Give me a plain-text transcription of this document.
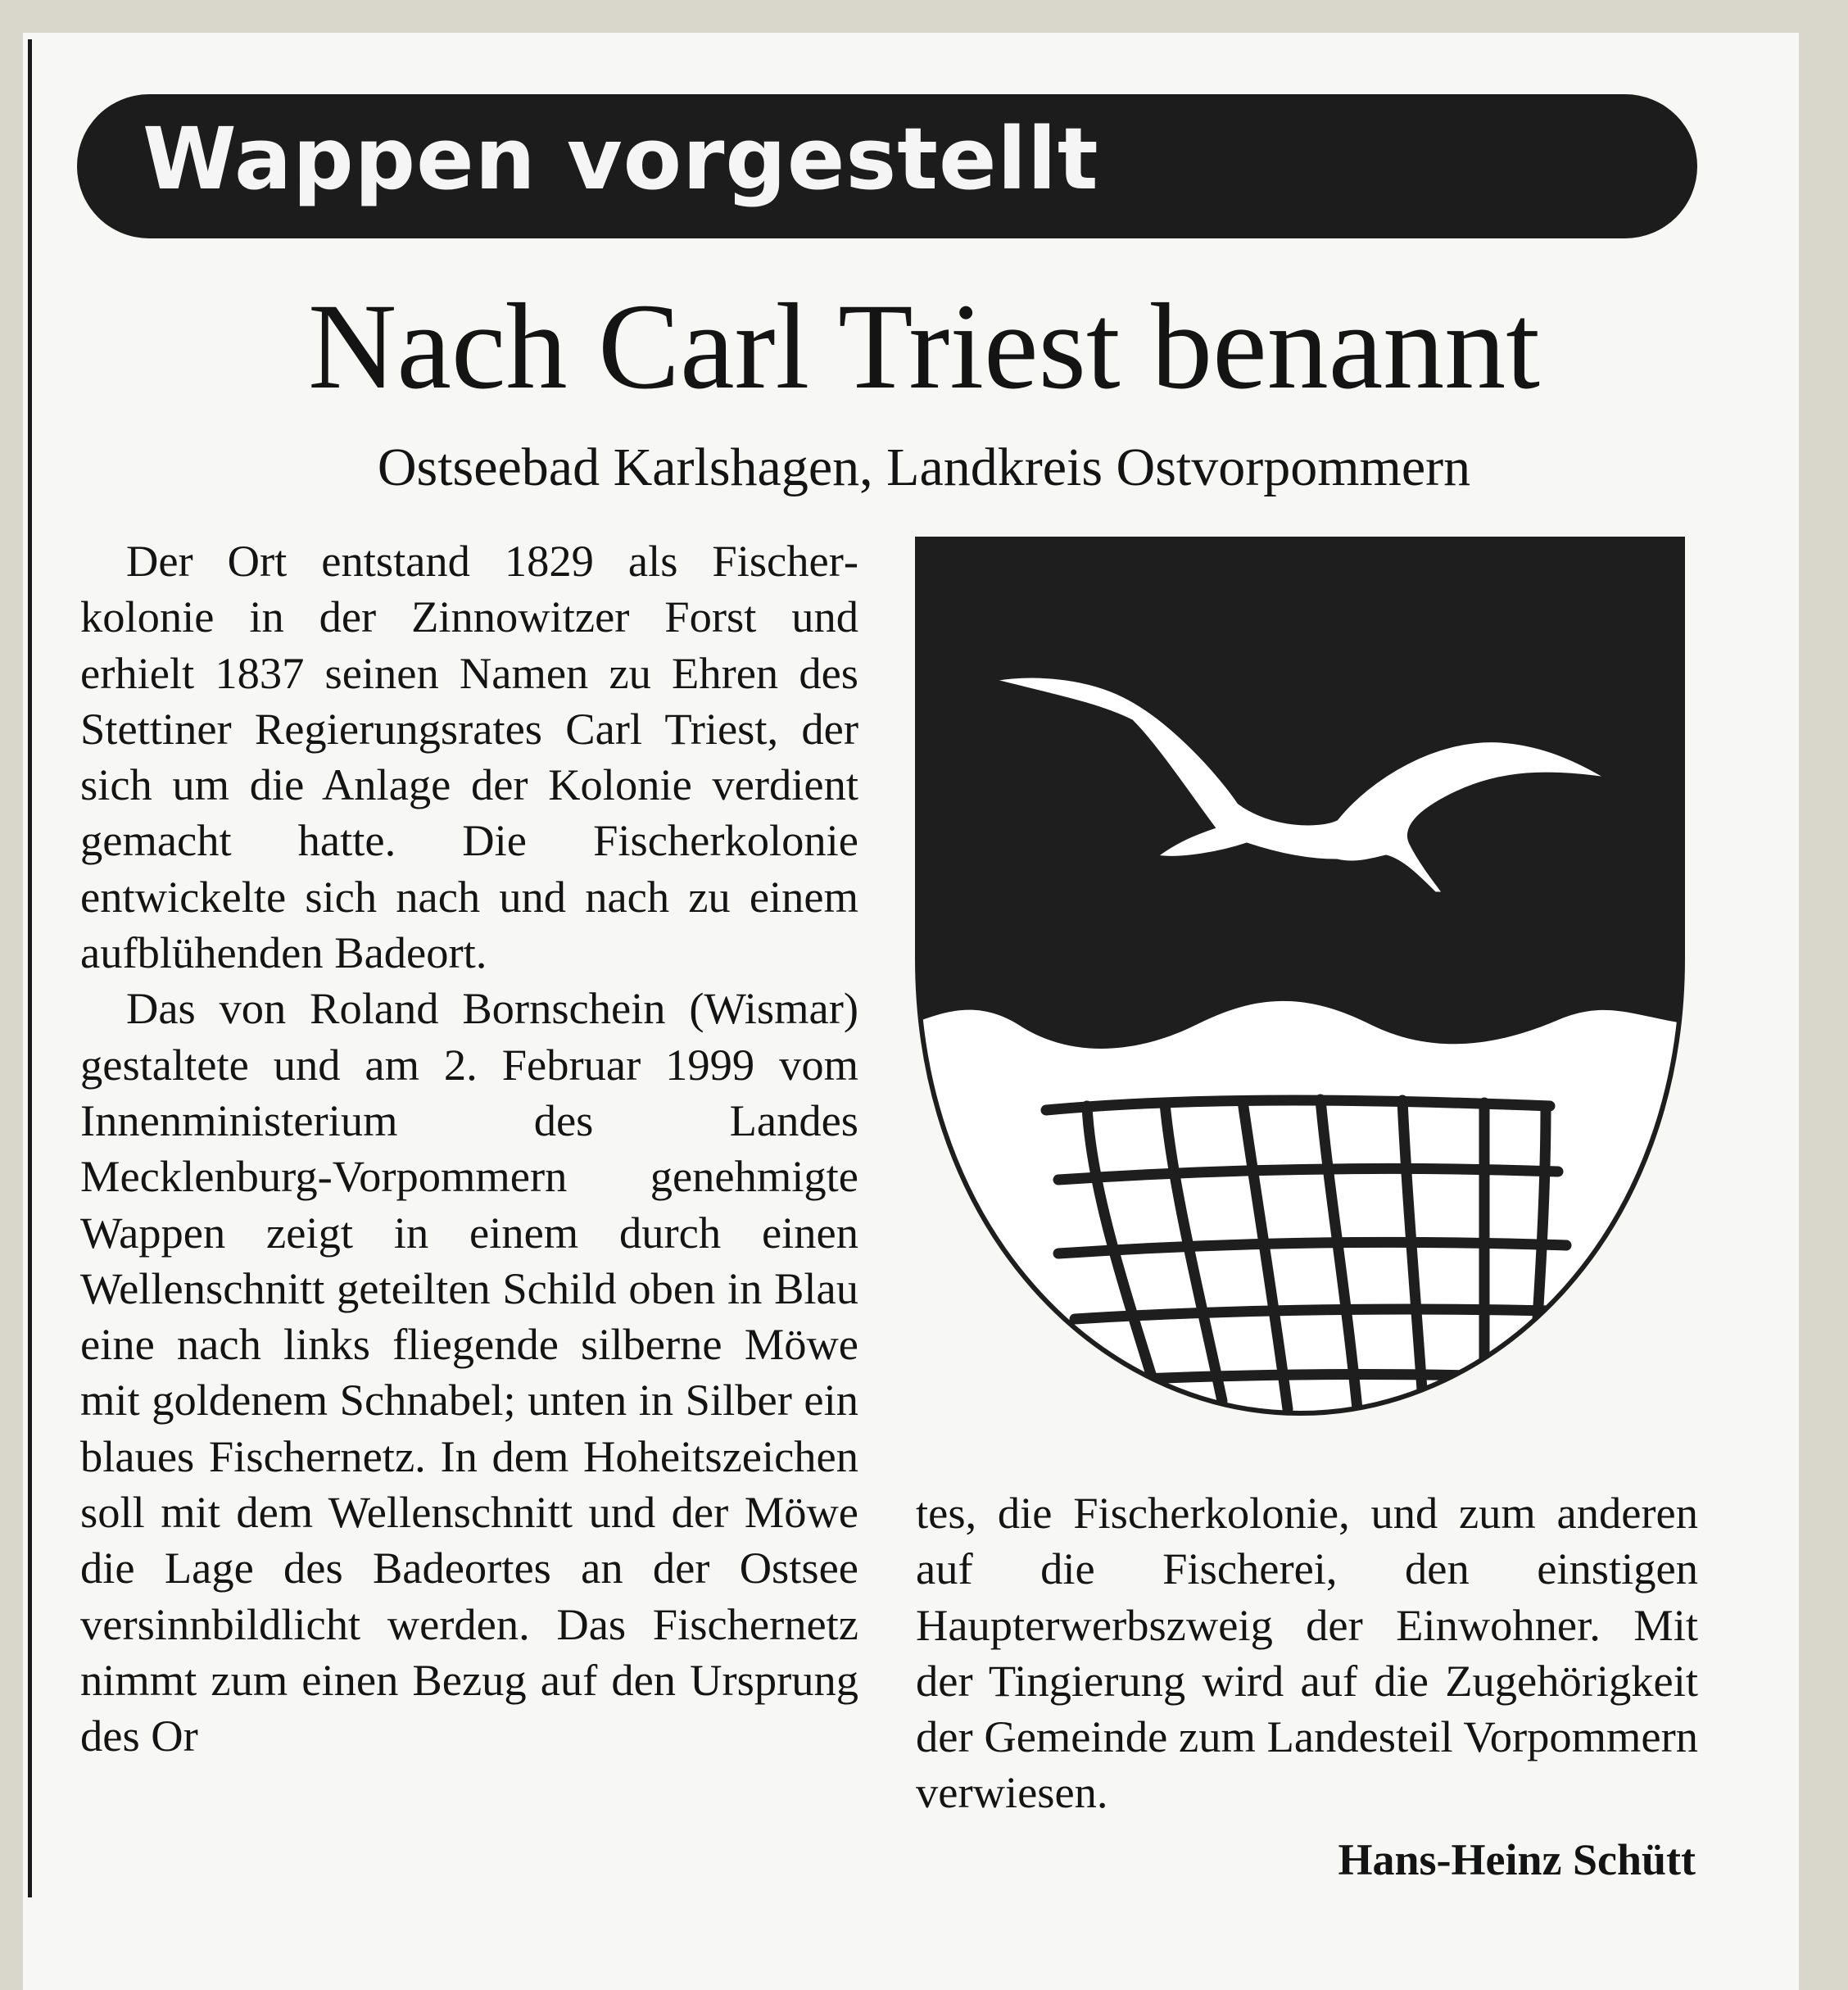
Wappen vorgestellt
Nach Carl Triest benannt
Ostseebad Karlshagen, Landkreis Ostvorpommern

Der Ort entstand 1829 als Fischerkolonie in der Zinnowitzer Forst und erhielt 1837 seinen Namen zu Ehren des Stettiner Regierungsrates Carl Triest, der sich um die Anlage der Kolonie verdient gemacht hatte. Die Fischerkolonie entwickelte sich nach und nach zu einem aufblühenden Badeort.

Das von Roland Bornschein (Wismar) gestaltete und am 2. Februar 1999 vom Innenministerium des Landes Mecklenburg-Vorpommern genehmigte Wappen zeigt in einem durch einen Wellenschnitt geteilten Schild oben in Blau eine nach links fliegende silberne Möwe mit goldenem Schnabel; unten in Silber ein blaues Fischernetz. In dem Hoheitszeichen soll mit dem Wellenschnitt und der Möwe die Lage des Badeortes an der Ostsee versinnbildlicht werden. Das Fischernetz nimmt zum einen Bezug auf den Ursprung des Or

tes, die Fischerkolonie, und zum anderen auf die Fischerei, den einstigen Haupterwerbszweig der Einwohner. Mit der Tingierung wird auf die Zugehörigkeit der Gemeinde zum Landesteil Vorpommern verwiesen.

Hans-Heinz Schütt
